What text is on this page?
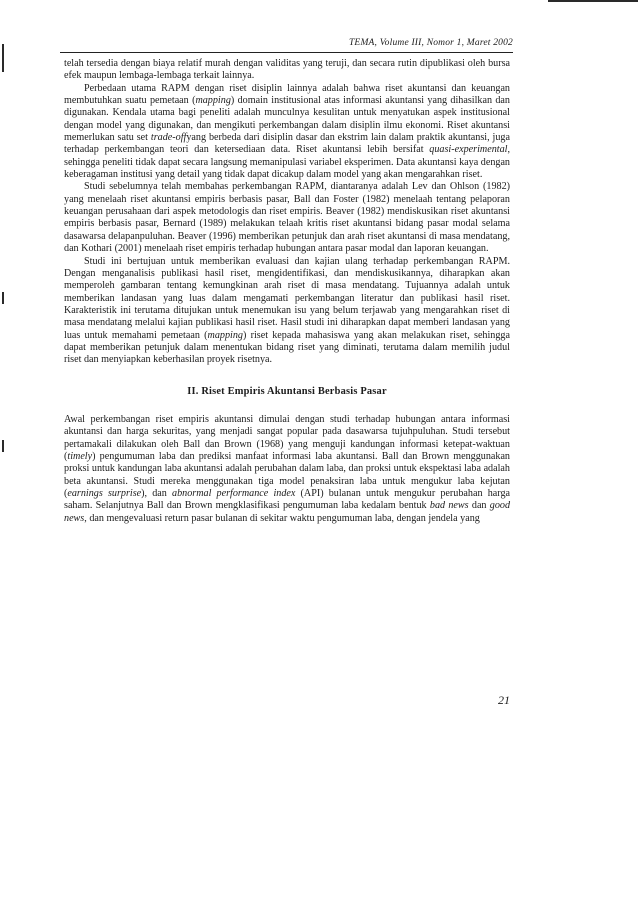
TEMA, Volume III, Nomor 1, Maret 2002

telah tersedia dengan biaya relatif murah dengan validitas yang teruji, dan secara rutin dipublikasi oleh bursa efek maupun lembaga-lembaga terkait lainnya.

Perbedaan utama RAPM dengan riset disiplin lainnya adalah bahwa riset akuntansi dan keuangan membutuhkan suatu pemetaan (mapping) domain institusional atas informasi akuntansi yang dihasilkan dan digunakan. Kendala utama bagi peneliti adalah munculnya kesulitan untuk menyatukan aspek institusional dengan model yang digunakan, dan mengikuti perkembangan dalam disiplin ilmu ekonomi. Riset akuntansi memerlukan satu set trade-offyang berbeda dari disiplin dasar dan ekstrim lain dalam praktik akuntansi, juga terhadap perkembangan teori dan ketersediaan data. Riset akuntansi lebih bersifat quasi-experimental, sehingga peneliti tidak dapat secara langsung memanipulasi variabel eksperimen. Data akuntansi kaya dengan keberagaman institusi yang detail yang tidak dapat dicakup dalam model yang akan mengarahkan riset.

Studi sebelumnya telah membahas perkembangan RAPM, diantaranya adalah Lev dan Ohlson (1982) yang menelaah riset akuntansi empiris berbasis pasar, Ball dan Foster (1982) menelaah tentang pelaporan keuangan perusahaan dari aspek metodologis dan riset empiris. Beaver (1982) mendiskusikan riset akuntansi empiris berbasis pasar, Bernard (1989) melakukan telaah kritis riset akuntansi bidang pasar modal selama dasawarsa delapanpuluhan. Beaver (1996) memberikan petunjuk dan arah riset akuntansi di masa mendatang, dan Kothari (2001) menelaah riset empiris terhadap hubungan antara pasar modal dan laporan keuangan.

Studi ini bertujuan untuk memberikan evaluasi dan kajian ulang terhadap perkembangan RAPM. Dengan menganalisis publikasi hasil riset, mengidentifikasi, dan mendiskusikannya, diharapkan akan memperoleh gambaran tentang kemungkinan arah riset di masa mendatang. Tujuannya adalah untuk memberikan landasan yang luas dalam mengamati perkembangan literatur dan publikasi hasil riset. Karakteristik ini terutama ditujukan untuk menemukan isu yang belum terjawab yang mengarahkan riset di masa mendatang melalui kajian publikasi hasil riset. Hasil studi ini diharapkan dapat memberi landasan yang luas untuk memahami pemetaan (mapping) riset kepada mahasiswa yang akan melakukan riset, sehingga dapat memberikan petunjuk dalam menentukan bidang riset yang diminati, terutama dalam memilih judul riset dan menyiapkan keberhasilan proyek risetnya.

II. Riset Empiris Akuntansi Berbasis Pasar

Awal perkembangan riset empiris akuntansi dimulai dengan studi terhadap hubungan antara informasi akuntansi dan harga sekuritas, yang menjadi sangat popular pada dasawarsa tujuhpuluhan. Studi tersebut pertamakali dilakukan oleh Ball dan Brown (1968) yang menguji kandungan informasi ketepat-waktuan (timely) pengumuman laba dan prediksi manfaat informasi laba akuntansi. Ball dan Brown menggunakan proksi untuk kandungan laba akuntansi adalah perubahan dalam laba, dan proksi untuk ekspektasi laba adalah beta akuntansi. Studi mereka menggunakan tiga model penaksiran laba untuk mengukur laba kejutan (earnings surprise), dan abnormal performance index (API) bulanan untuk mengukur perubahan harga saham. Selanjutnya Ball dan Brown mengklasifikasi pengumuman laba kedalam bentuk bad news dan good news, dan mengevaluasi return pasar bulanan di sekitar waktu pengumuman laba, dengan jendela yang

21
